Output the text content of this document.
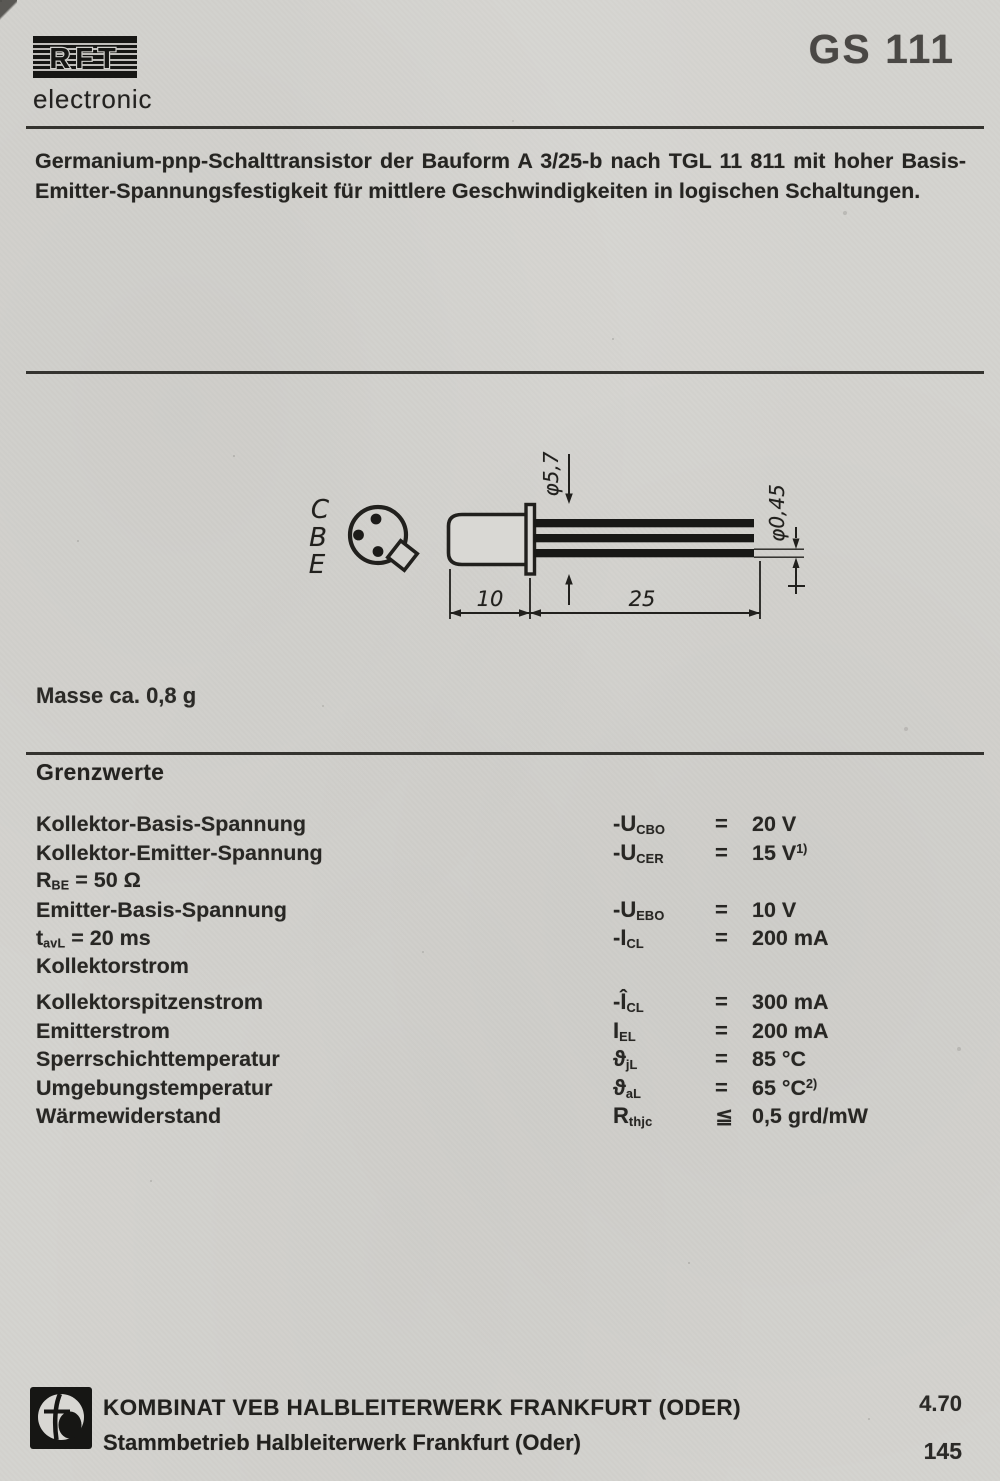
RFT
electronic
GS 111
Germanium-pnp-Schalttransistor der Bauform A 3/25-b nach TGL 11 811 mit hoher Basis-
Emitter-Spannungsfestigkeit für mittlere Geschwindigkeiten in logischen Schaltungen.
C
B
E
φ5,7
φ0,45
10	25
Masse ca. 0,8 g
Grenzwerte
Kollektor-Basis-Spannung	$-U_{CBO}$	=	20 V
Kollektor-Emitter-Spannung	$-U_{CER}$	=	15 $V^{1)}$
$R_{BE} = 50$ Ω
Emitter-Basis-Spannung	$-U_{EBO}$	=	10 V
$t_{avL} = 20$ ms	$-I_{CL}$	=	200 mA
Kollektorstrom
Kollektorspitzenstrom	$-Î_{CL}$	=	300 mA
Emitterstrom	$I_{EL}$	=	200 mA
Sperrschichttemperatur	$ϑ_{jL}$	=	85 °C
Umgebungstemperatur	$ϑ_{aL}$	=	65 $^\circ C^{2)}$
Wärmewiderstand	$R_{thjc}$	≦ 0,5 grd/mW
KOMBINAT VEB HALBLEITERWERK FRANKFURT (ODER)
Stammbetrieb Halbleiterwerk Frankfurt (Oder)
4.70
145
